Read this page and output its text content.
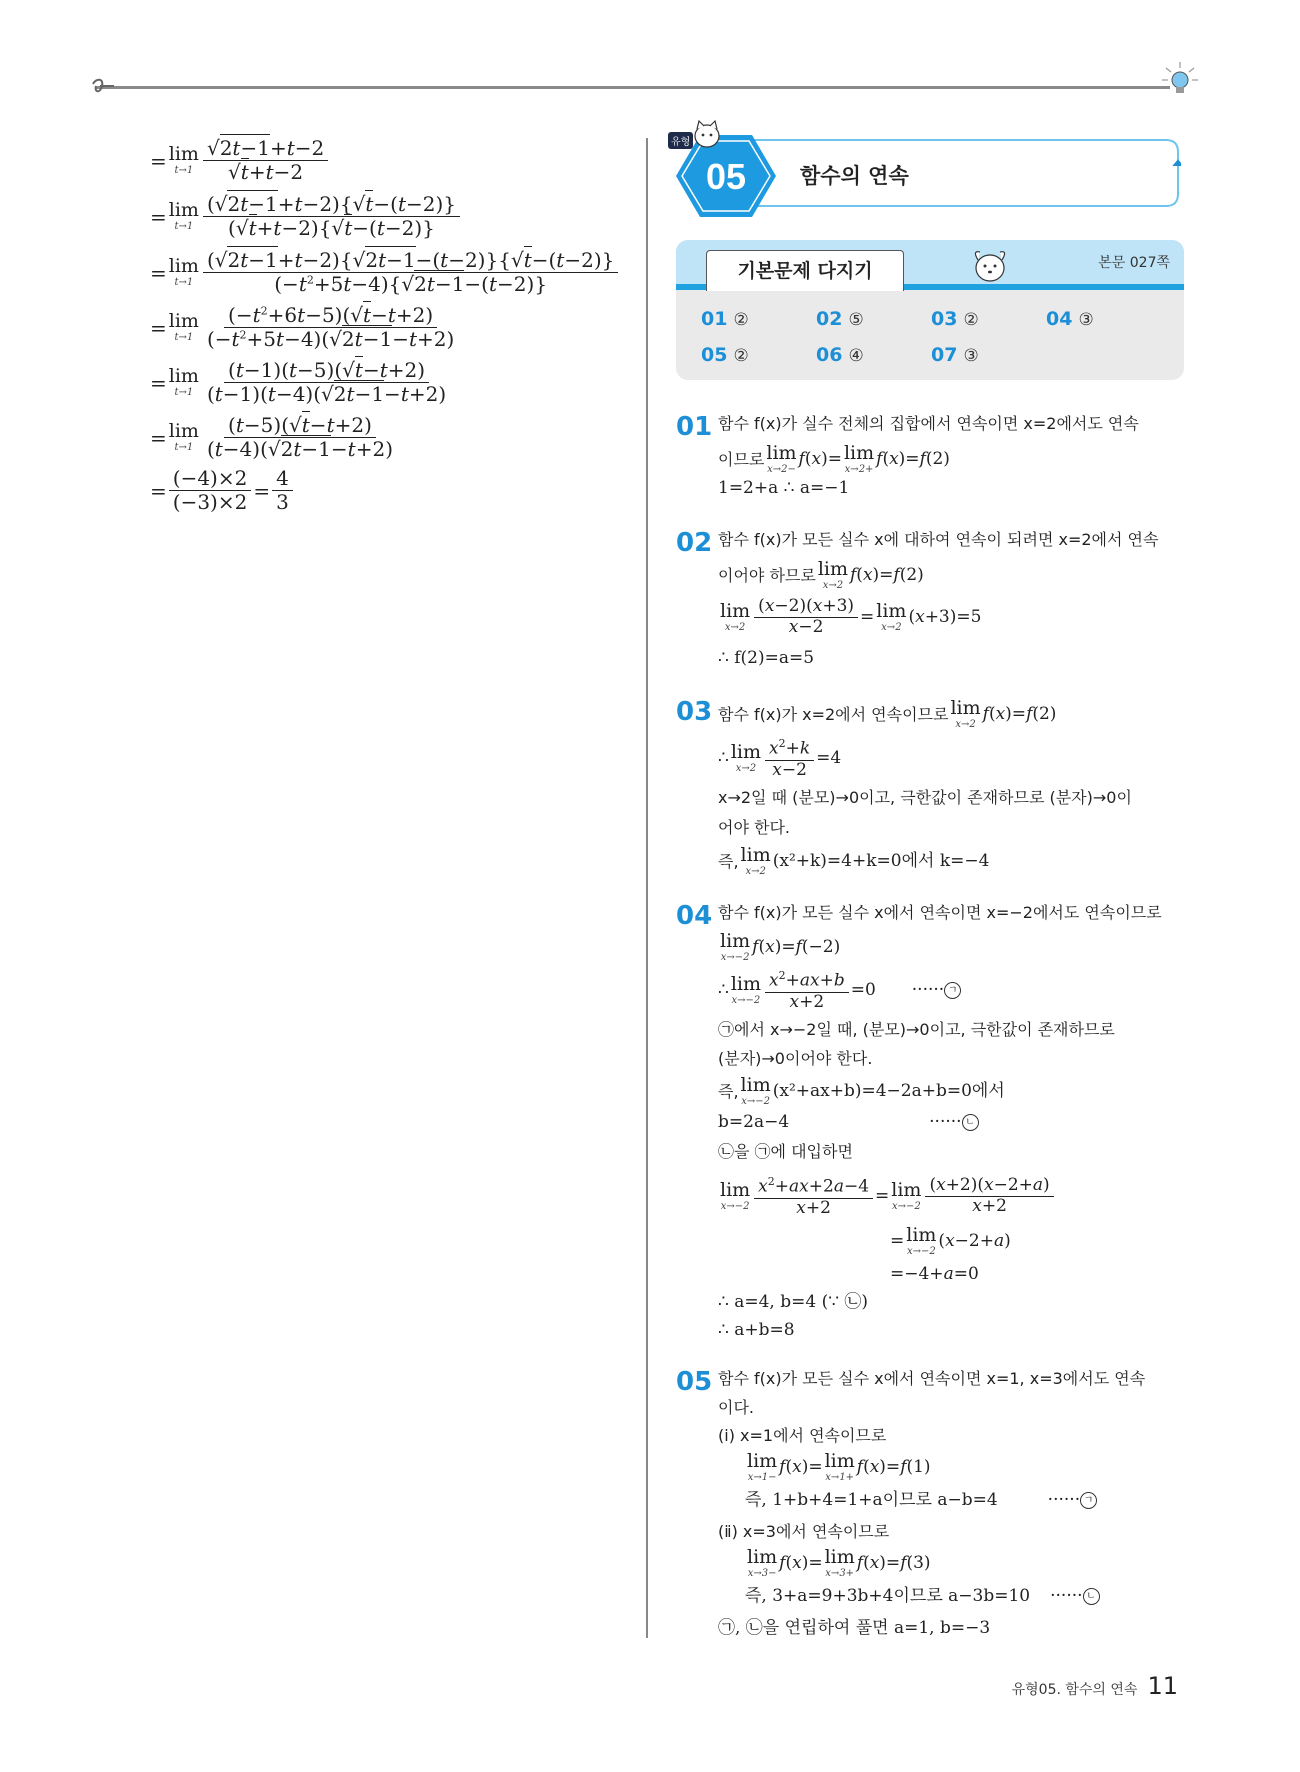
= lim
$t\to 1 \frac{√2t-1+t-2}{√t+t-2}$
= lim
$t\to 1 \frac{(√2t-1+t-2)\{√t-(t-2)\}}{(√t+t-2)\{√t-(t-2)\}}$
= lim
$t\to 1 \frac{(√2t-1+t-2)\{√2t-1-(t-2)\}\{√t-(t-2)\}}{(-t^2+5t-4)\{√2t-1-(t-2)\}}$
= lim
$t\to 1 \frac{(-t^2+6t-5)(√t-t+2)}{(-t^2+5t-4)(√2t-1-t+2)}$
= lim
$t\to 1 \frac{(t-1)(t-5)(√t-t+2)}{(t-1)(t-4)(√2t-1-t+2)}$
= lim
$t\to 1 \frac{(t-5)(√t-t+2)}{(t-4)(√2t-1-t+2)}$
= $\frac{(-4)\times 2}{(-3)\times 2} = \frac{4}{3}$
05
유형
함수의 연속
기본문제 다지기	본문 027쪽
01 ②	02 ⑤	03 ②	04 ③
05 ②	06 ④	07 ③
01 함수 f(x)가 실수 전체의 집합에서 연속이면 x=2에서도 연속
이므로 lim
x→2−
f(x)= lim
x→2+
f(x)=f(2)
1=2+a ∴ a=−1
02 함수 f(x)가 모든 실수 x에 대하여 연속이 되려면 x=2에서 연속
이어야 하므로 lim
x→2
f(x)=f(2)
lim
$x\to 2 \frac{(x-2)(x+3)}{x-2} = \lim$
x→2
(x+3)=5
∴ f(2)=a=5
03 함수 f(x)가 x=2에서 연속이므로 lim
x→2
f(x)=f(2)
∴ lim
$x\to 2 \frac{x^2+k}{x-2} =4$
x→2일 때 (분모)→0이고, 극한값이 존재하므로 (분자)→0이
어야 한다.
즉, lim
x→2
(x²+k)=4+k=0에서 k=−4
04 함수 f(x)가 모든 실수 x에서 연속이면 x=−2에서도 연속이므로
lim
x→−2
f(x)=f(−2)
∴ lim
$x\to-2 \frac{x^2+ax+b}{x+2} =0$ ······ ㄱ
㉠에서 x→−2일 때, (분모)→0이고, 극한값이 존재하므로
(분자)→0이어야 한다.
즉, lim
x→−2
(x²+ax+b)=4−2a+b=0에서
b=2a−4	······ ㄴ
㉡을 ㉠에 대입하면
lim
$x\to-2 \frac{x^2+ax+2a-4}{x+2} = \lim$
$x\to-2 \frac{(x+2)(x-2+a)}{x+2}$
= lim
x→−2
(x−2+a)
=−4+a=0
∴ a=4, b=4 (∵ ㉡)
∴ a+b=8
05 함수 f(x)가 모든 실수 x에서 연속이면 x=1, x=3에서도 연속
이다.
(ⅰ) x=1에서 연속이므로
lim
x→1−
f(x)= lim
x→1+
f(x)=f(1)
즉, 1+b+4=1+a이므로 a−b=4	······ ㄱ
(ⅱ) x=3에서 연속이므로
lim
x→3−
f(x)= lim
x→3+
f(x)=f(3)
즉, 3+a=9+3b+4이므로 a−3b=10 ······ ㄴ
㉠, ㉡을 연립하여 풀면 a=1, b=−3
유형05. 함수의 연속 11
